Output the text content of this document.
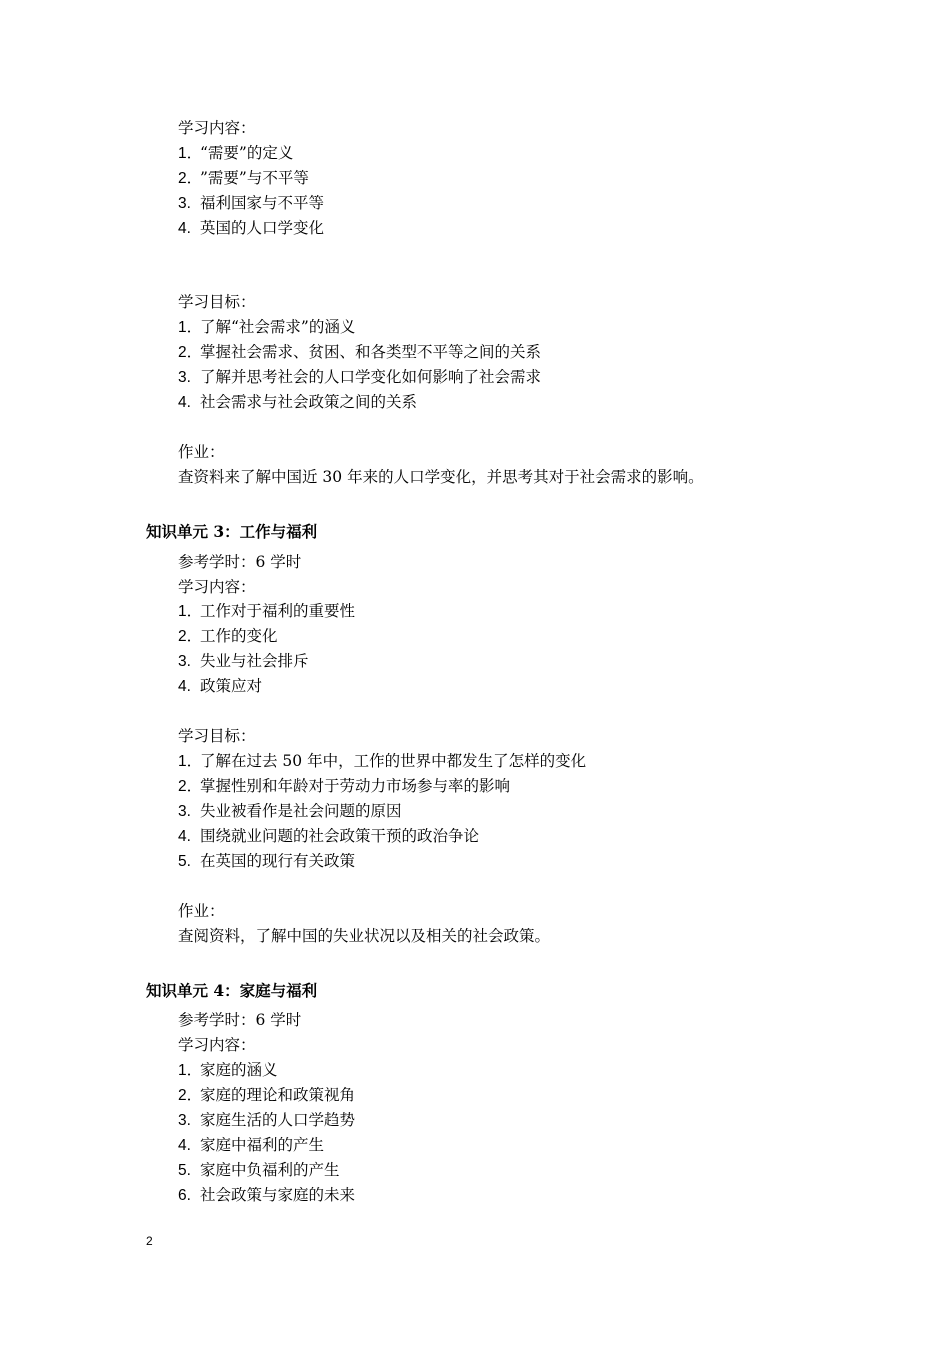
学习内容：
1．“需要”的定义
2．”需要”与不平等
3. 福利国家与不平等
4. 英国的人口学变化
学习目标：
1．了解“社会需求”的涵义
2．掌握社会需求、贫困、和各类型不平等之间的关系
3. 了解并思考社会的人口学变化如何影响了社会需求
4. 社会需求与社会政策之间的关系
作业：
查资料来了解中国近 30 年来的人口学变化，并思考其对于社会需求的影响。
知识单元 3：工作与福利
参考学时：6 学时
学习内容：
1．工作对于福利的重要性
2．工作的变化
3. 失业与社会排斥
4. 政策应对
学习目标：
1．了解在过去 50 年中，工作的世界中都发生了怎样的变化
2．掌握性别和年龄对于劳动力市场参与率的影响
3. 失业被看作是社会问题的原因
4. 围绕就业问题的社会政策干预的政治争论
5. 在英国的现行有关政策
作业：
查阅资料，了解中国的失业状况以及相关的社会政策。
知识单元 4：家庭与福利
参考学时：6 学时
学习内容：
1．家庭的涵义
2．家庭的理论和政策视角
3. 家庭生活的人口学趋势
4. 家庭中福利的产生
5. 家庭中负福利的产生
6. 社会政策与家庭的未来
2
